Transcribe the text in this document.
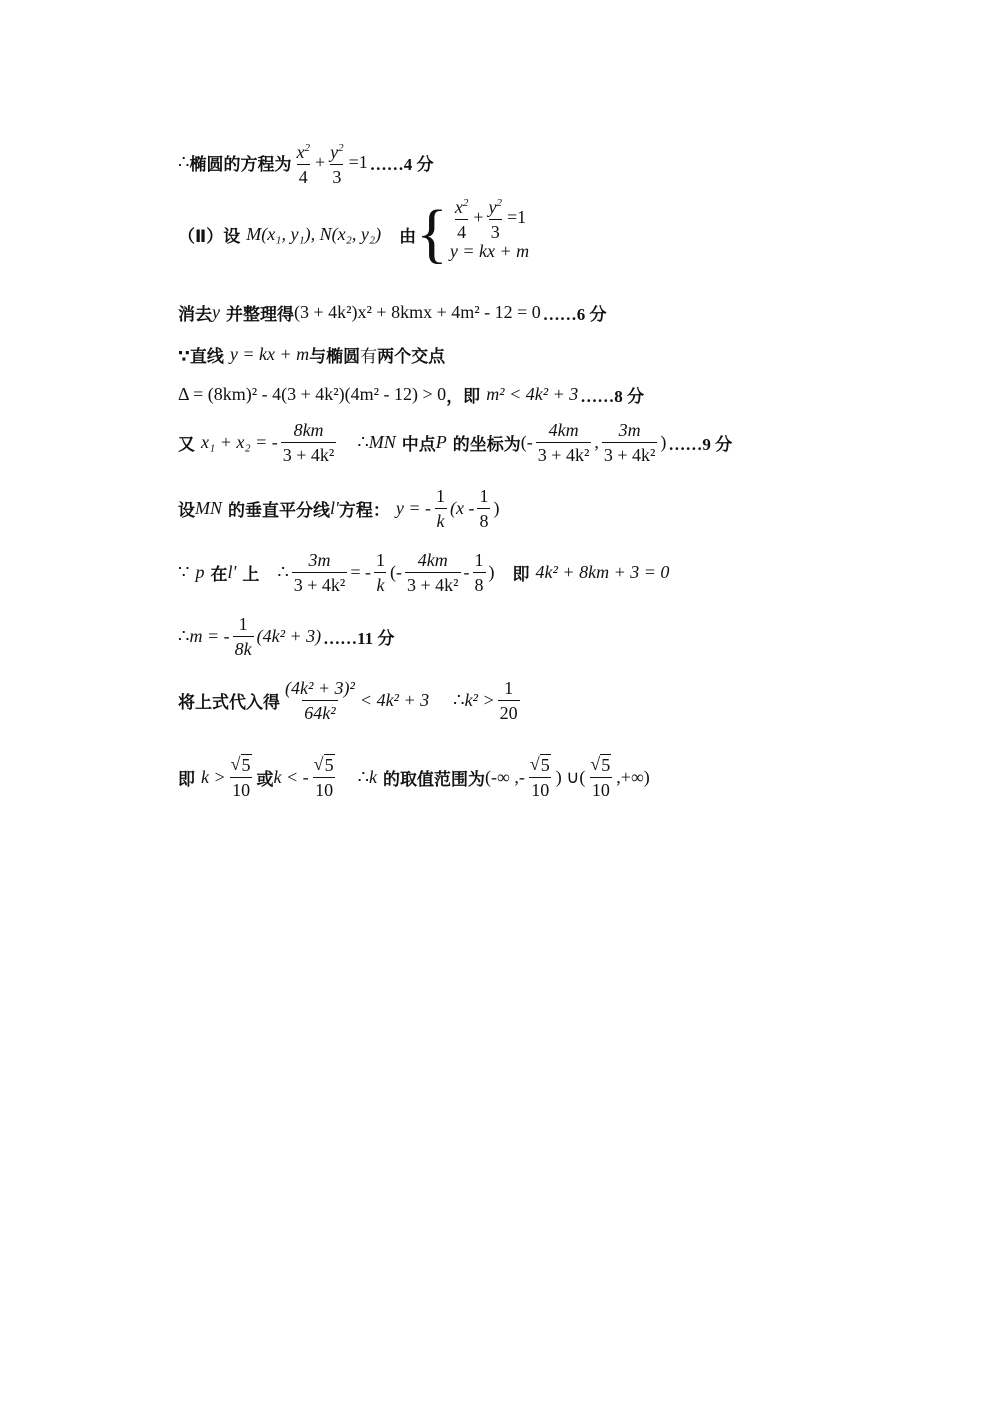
∴ 椭圆的方程为 $\frac{x^2}{4} + \frac{y^2}{3} =1$ ……4 分
（Ⅱ）设 M(x₁, y₁), N(x₂, y₂) 由 { $\frac{x^2}{4} + \frac{y^2}{3} =1$
y = kx + m
消去 y 并整理得 (3 + 4k²)x² + 8kmx + 4m² - 12 = 0 ……6 分
∵直线 y = kx + m 与椭圆 有 两个交点
Δ = (8km)² - 4(3 + 4k²)(4m² - 12) > 0 ，即 m² < 4k² + 3 ……8 分
又 x₁ + x₂ = - $\frac{8km}{\text{3 + 4k²}}$ ∴ MN 中点 P 的坐标为 (- $\frac{4km}{\text{3 + 4k²}}$ , $\frac{3m}{\text{3 + 4k²}}$ ) ……9 分
设 MN 的垂直平分线 l' 方程： y = - $\frac{1}{k} (x - \frac{1}{8}$ )
∵ p 在 l' 上 ∴ $\frac{3m}{\text{3 + 4k²}}$ = - $\frac{1}{k}$ (- $\frac{4km}{\text{3 + 4k²}} - \frac{1}{8}$ ) 即 4k² + 8km + 3 = 0
∴ m = - $\frac{1}{8k} (4k^2 + 3)$ ……11 分
将上式代入得 $\frac{\text{(4k² + 3)²}}{\text{64k²}} < 4k^2 + 3$ ∴ $k^2 > \frac{1}{20}$
即 $k > \frac{√ 5}{10}$ 或 k < - $\frac{√ 5}{10}$ ∴ k 的取值范围为 (-∞ ,- $\frac{√ 5}{10}$ ) ∪( $\frac{√ 5}{10}$ ,+∞)
